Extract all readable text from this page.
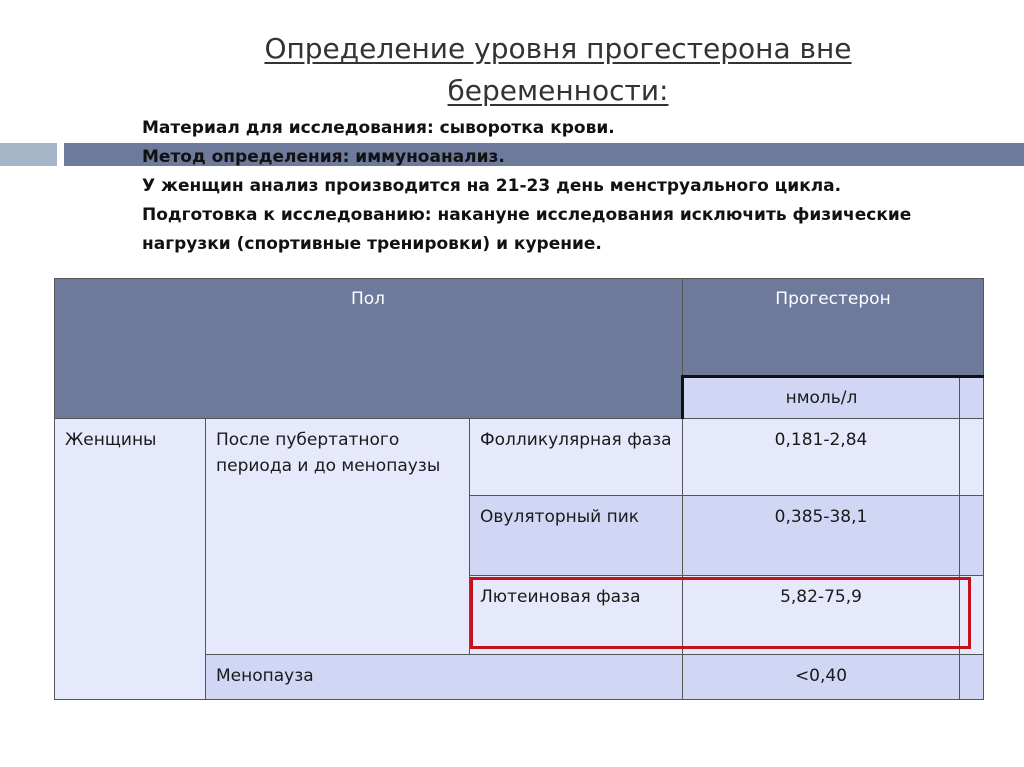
Определение уровня прогестерона вне
беременности:
Материал для исследования: сыворотка крови.
Метод определения: иммуноанализ.
У женщин анализ производится на 21-23 день менструального цикла.
Подготовка к исследованию: накануне исследования исключить физические
нагрузки (спортивные тренировки) и курение.
Пол			Прогестерон	
			нмоль/л	
Женщины	После пубертатного периода и до менопаузы	Фолликулярная фаза	0,181-2,84	
		Овуляторный пик	0,385-38,1	
		Лютеиновая фаза	5,82-75,9	
	Менопауза		<0,40	
